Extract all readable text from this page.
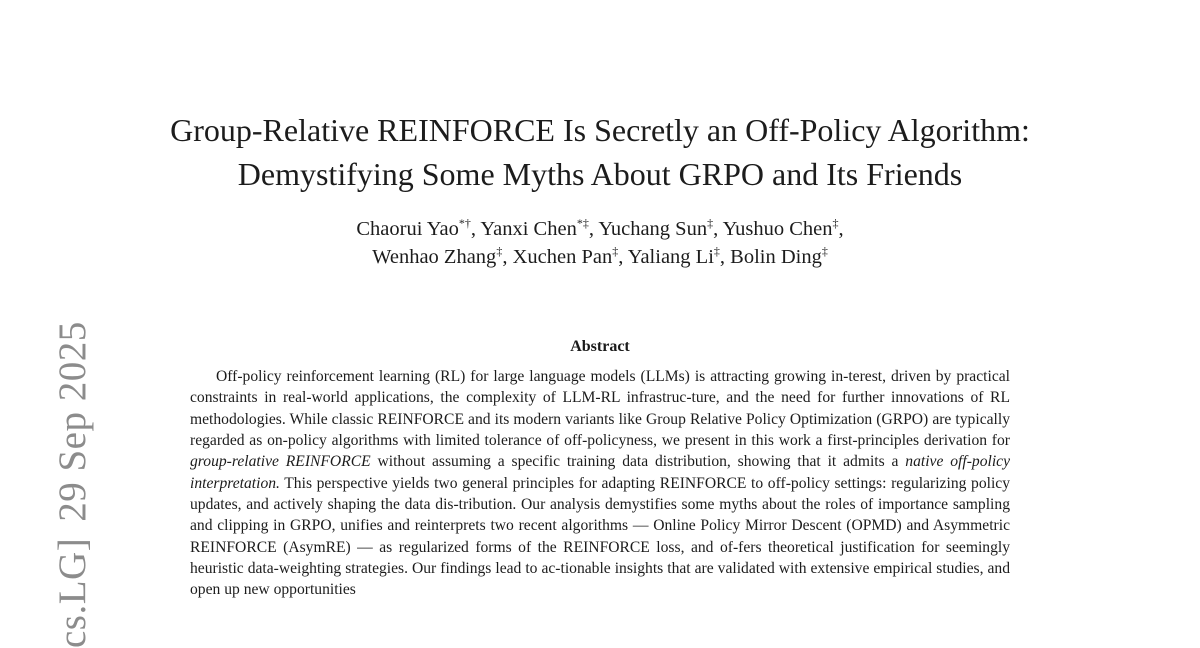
cs.LG]29 Sep 2025
Group-Relative REINFORCE Is Secretly an Off-Policy Algorithm:
Demystifying Some Myths About GRPO and Its Friends
Chaorui Yao*†, Yanxi Chen*‡, Yuchang Sun‡, Yushuo Chen‡,
Wenhao Zhang‡, Xuchen Pan‡, Yaliang Li‡, Bolin Ding‡
Abstract
Off-policy reinforcement learning (RL) for large language models (LLMs) is attracting growing in-terest, driven by practical constraints in real-world applications, the complexity of LLM-RL infrastruc-ture, and the need for further innovations of RL methodologies. While classic REINFORCE and its modern variants like Group Relative Policy Optimization (GRPO) are typically regarded as on-policy algorithms with limited tolerance of off-policyness, we present in this work a first-principles derivation for group-relative REINFORCE without assuming a specific training data distribution, showing that it admits a native off-policy interpretation. This perspective yields two general principles for adapting REINFORCE to off-policy settings: regularizing policy updates, and actively shaping the data dis-tribution. Our analysis demystifies some myths about the roles of importance sampling and clipping in GRPO, unifies and reinterprets two recent algorithms — Online Policy Mirror Descent (OPMD) and Asymmetric REINFORCE (AsymRE) — as regularized forms of the REINFORCE loss, and of-fers theoretical justification for seemingly heuristic data-weighting strategies. Our findings lead to ac-tionable insights that are validated with extensive empirical studies, and open up new opportunities
